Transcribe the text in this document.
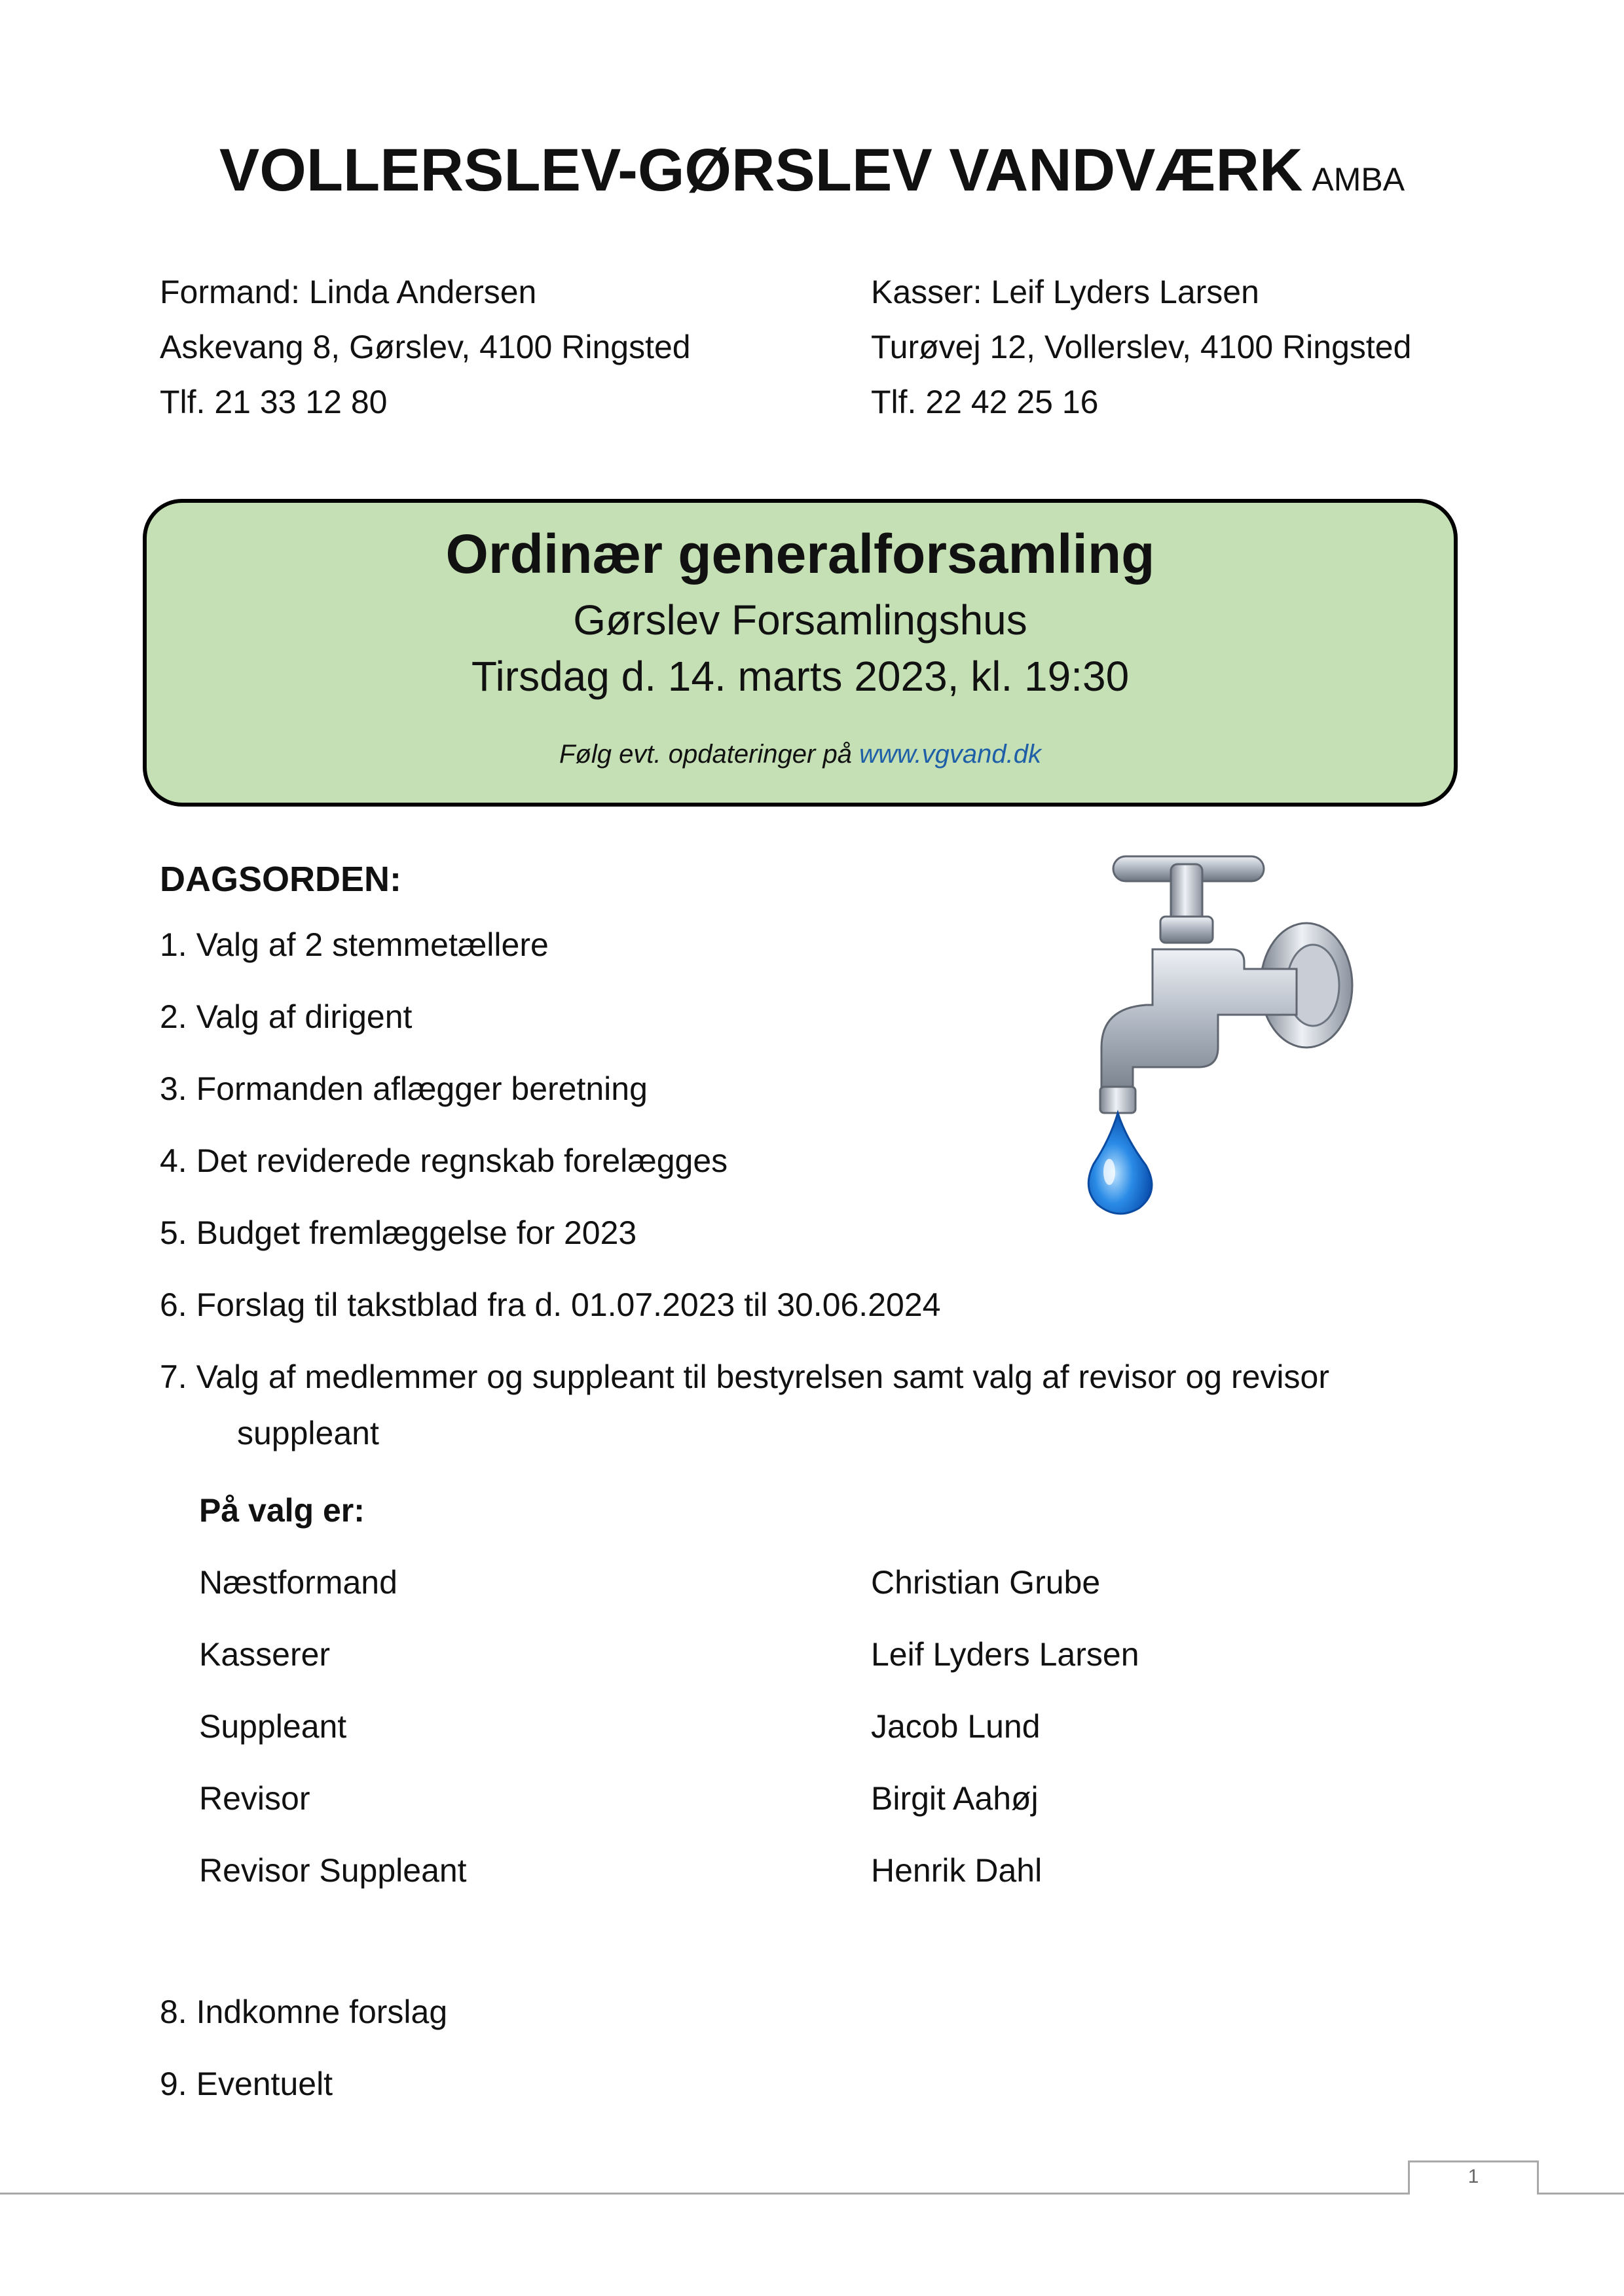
VOLLERSLEV-GØRSLEV VANDVÆRK AMBA
Formand: Linda Andersen
Askevang 8, Gørslev, 4100 Ringsted
Tlf. 21 33 12 80
Kasser: Leif Lyders Larsen
Turøvej 12, Vollerslev, 4100 Ringsted
Tlf. 22 42 25 16
Ordinær generalforsamling
Gørslev Forsamlingshus
Tirsdag d. 14. marts 2023, kl. 19:30
Følg evt. opdateringer på www.vgvand.dk
DAGSORDEN:
1. Valg af 2 stemmetællere
2. Valg af dirigent
3. Formanden aflægger beretning
4. Det reviderede regnskab forelægges
5. Budget fremlæggelse for 2023
6. Forslag til takstblad fra d. 01.07.2023 til 30.06.2024
7. Valg af medlemmer og suppleant til bestyrelsen samt valg af revisor og revisor
suppleant
8. Indkomne forslag
9. Eventuelt
På valg er:
Næstformand	Christian Grube
Kasserer	Leif Lyders Larsen
Suppleant	Jacob Lund
Revisor	Birgit Aahøj
Revisor Suppleant	Henrik Dahl
1
